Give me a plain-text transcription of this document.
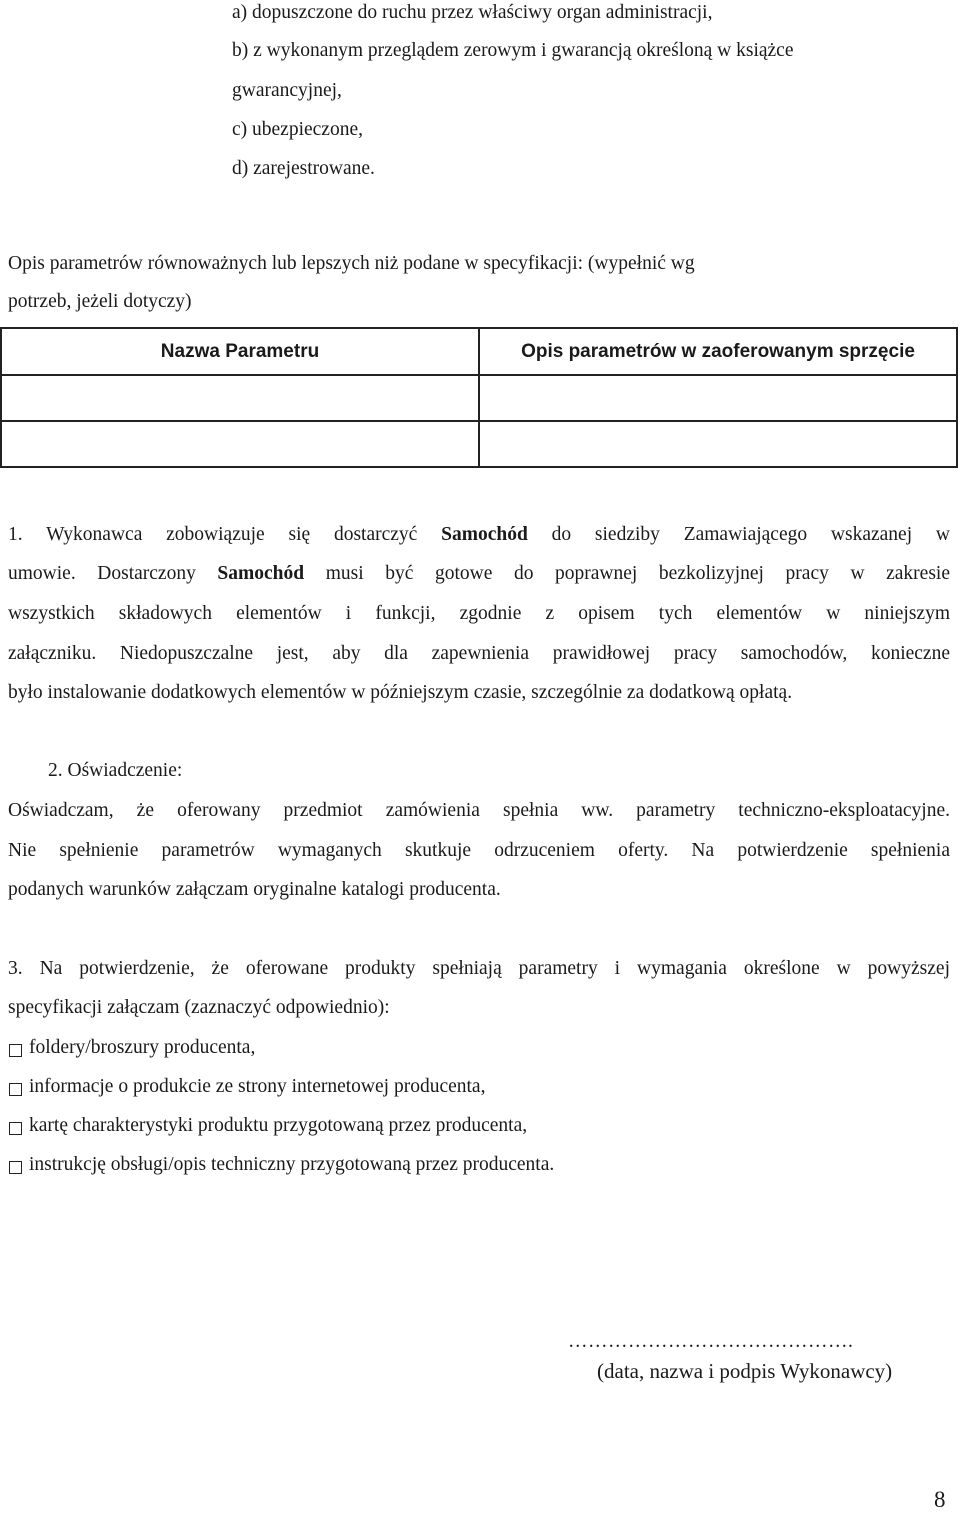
a) dopuszczone do ruchu przez właściwy organ administracji,
b) z wykonanym przeglądem zerowym i gwarancją określoną w książce
gwarancyjnej,
c) ubezpieczone,
d) zarejestrowane.
Opis parametrów równoważnych lub lepszych niż podane w specyfikacji: (wypełnić wg
potrzeb, jeżeli dotyczy)
Nazwa Parametru	Opis parametrów w zaoferowanym sprzęcie

1. Wykonawca zobowiązuje się dostarczyć Samochód do siedziby Zamawiającego wskazanej w
umowie. Dostarczony Samochód musi być gotowe do poprawnej bezkolizyjnej pracy w zakresie
wszystkich składowych elementów i funkcji, zgodnie z opisem tych elementów w niniejszym
załączniku. Niedopuszczalne jest, aby dla zapewnienia prawidłowej pracy samochodów, konieczne
było instalowanie dodatkowych elementów w późniejszym czasie, szczególnie za dodatkową opłatą.
2. Oświadczenie:
Oświadczam, że oferowany przedmiot zamówienia spełnia ww. parametry techniczno-eksploatacyjne.
Nie spełnienie parametrów wymaganych skutkuje odrzuceniem oferty. Na potwierdzenie spełnienia
podanych warunków załączam oryginalne katalogi producenta.
3. Na potwierdzenie, że oferowane produkty spełniają parametry i wymagania określone w powyższej
specyfikacji załączam (zaznaczyć odpowiednio):
foldery/broszury producenta,
informacje o produkcie ze strony internetowej producenta,
kartę charakterystyki produktu przygotowaną przez producenta,
instrukcję obsługi/opis techniczny przygotowaną przez producenta.
…………………………………….
(data, nazwa i podpis Wykonawcy)
8
